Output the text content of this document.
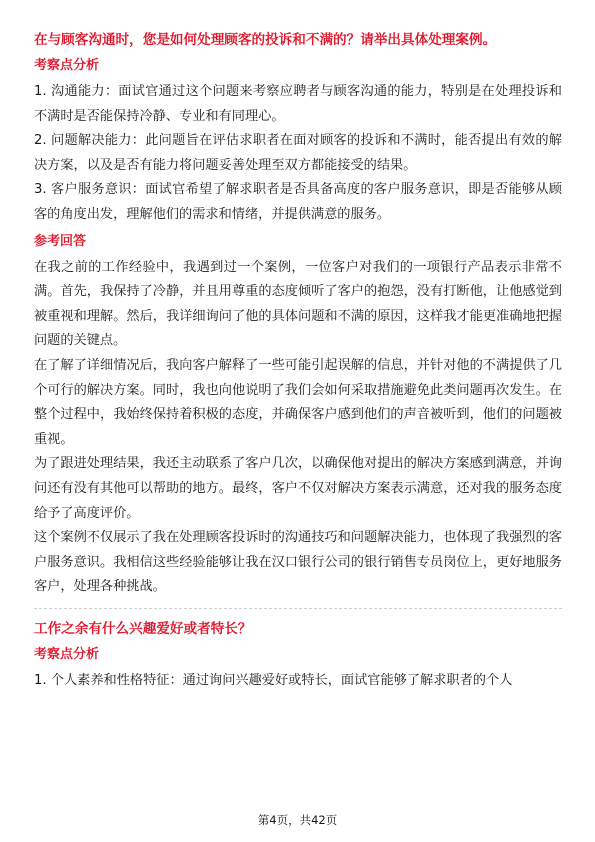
在与顾客沟通时，您是如何处理顾客的投诉和不满的？请举出具体处理案例。
考察点分析

1. 沟通能力：面试官通过这个问题来考察应聘者与顾客沟通的能力，特别是在处理投诉和不满时是否能保持冷静、专业和有同理心。

2. 问题解决能力：此问题旨在评估求职者在面对顾客的投诉和不满时，能否提出有效的解决方案，以及是否有能力将问题妥善处理至双方都能接受的结果。

3. 客户服务意识：面试官希望了解求职者是否具备高度的客户服务意识，即是否能够从顾客的角度出发，理解他们的需求和情绪，并提供满意的服务。

参考回答

在我之前的工作经验中，我遇到过一个案例，一位客户对我们的一项银行产品表示非常不满。首先，我保持了冷静，并且用尊重的态度倾听了客户的抱怨，没有打断他，让他感觉到被重视和理解。然后，我详细询问了他的具体问题和不满的原因，这样我才能更准确地把握问题的关键点。

在了解了详细情况后，我向客户解释了一些可能引起误解的信息，并针对他的不满提供了几个可行的解决方案。同时，我也向他说明了我们会如何采取措施避免此类问题再次发生。在整个过程中，我始终保持着积极的态度，并确保客户感到他们的声音被听到，他们的问题被重视。

为了跟进处理结果，我还主动联系了客户几次，以确保他对提出的解决方案感到满意，并询问还有没有其他可以帮助的地方。最终，客户不仅对解决方案表示满意，还对我的服务态度给予了高度评价。

这个案例不仅展示了我在处理顾客投诉时的沟通技巧和问题解决能力，也体现了我强烈的客户服务意识。我相信这些经验能够让我在汉口银行公司的银行销售专员岗位上，更好地服务客户，处理各种挑战。

工作之余有什么兴趣爱好或者特长？
考察点分析

1. 个人素养和性格特征：通过询问兴趣爱好或特长，面试官能够了解求职者的个人

第4页，共42页
